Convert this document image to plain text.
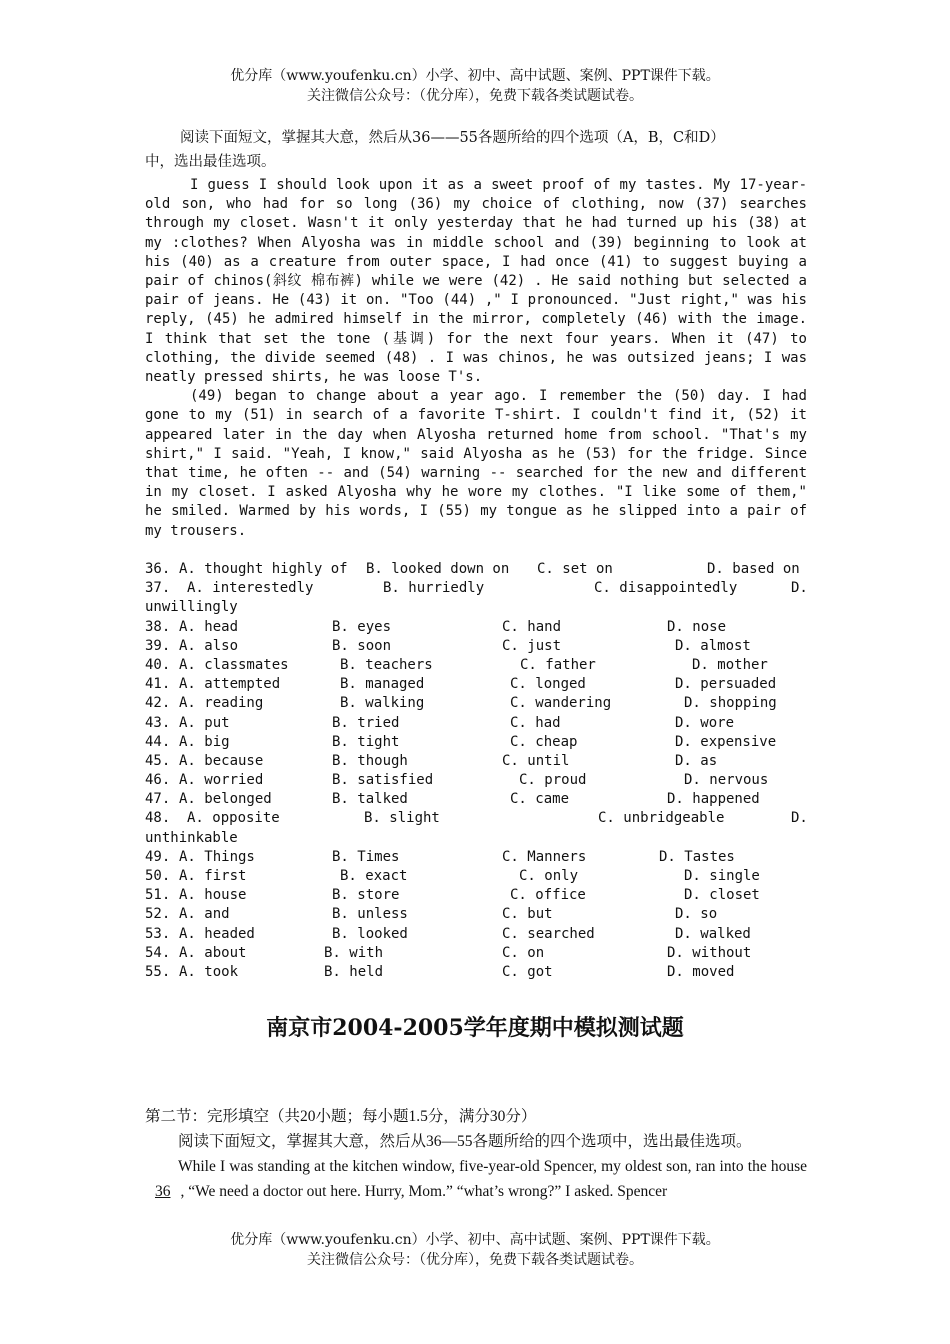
优分库（www.youfenku.cn）小学、初中、高中试题、案例、PPT课件下载。
关注微信公众号：（优分库），免费下载各类试题试卷。
阅读下面短文，掌握其大意，然后从36——55各题所给的四个选项（A，B，C和D）
中，选出最佳选项。

I guess I should look upon it as a sweet proof of my tastes. My 17-year-old son, who had for so long (36) my choice of clothing, now (37) searches through my closet. Wasn't it only yesterday that he had turned up his (38) at my :clothes? When Alyosha was in middle school and (39) beginning to look at his (40) as a creature from outer space, I had once (41) to suggest buying a pair of chinos(斜纹 棉布裤) while we were (42) . He said nothing but selected a pair of jeans. He (43) it on. "Too (44) ," I pronounced. "Just right," was his reply, (45) he admired himself in the mirror, completely (46) with the image. I think that set the tone (基调) for the next four years. When it (47) to clothing, the divide seemed (48) . I was chinos, he was outsized jeans; I was neatly pressed shirts, he was loose T's.

(49) began to change about a year ago. I remember the (50) day. I had gone to my (51) in search of a favorite T-shirt. I couldn't find it, (52) it appeared later in the day when Alyosha returned home from school. "That's my shirt," I said. "Yeah, I know," said Alyosha as he (53) for the fridge. Since that time, he often -- and (54) warning -- searched for the new and different in my closet. I asked Alyosha why he wore my clothes. "I like some of them," he smiled. Warmed by his words, I (55) my tongue as he slipped into a pair of my trousers.

36. A. thought highly of B. looked down on C. set on	D. based on
37. A. interestedly	B. hurriedly	C. disappointedly	D.
unwillingly
38. A. head	B. eyes	C. hand	D. nose
39. A. also	B. soon	C. just	D. almost
40. A. classmates	B. teachers	C. father	D. mother
41. A. attempted	B. managed	C. longed	D. persuaded
42. A. reading	B. walking	C. wandering	D. shopping
43. A. put	B. tried	C. had	D. wore
44. A. big	B. tight	C. cheap	D. expensive
45. A. because	B. though	C. until	D. as
46. A. worried	B. satisfied	C. proud	D. nervous
47. A. belonged	B. talked	C. came	D. happened
48. A. opposite	B. slight	C. unbridgeable	D.
unthinkable
49. A. Things	B. Times	C. Manners	D. Tastes
50. A. first	B. exact	C. only	D. single
51. A. house	B. store	C. office	D. closet
52. A. and	B. unless	C. but	D. so
53. A. headed	B. looked	C. searched	D. walked
54. A. about	B. with	C. on	D. without
55. A. took	B. held	C. got	D. moved
南京市2004-2005学年度期中模拟测试题
第二节：完形填空（共20小题；每小题1.5分，满分30分）
阅读下面短文，掌握其大意，然后从36—55各题所给的四个选项中，选出最佳选项。
While I was standing at the kitchen window, five-year-old Spencer, my oldest son, ran into the house 36 , “We need a doctor out here. Hurry, Mom.” “what’s wrong?” I asked. Spencer
优分库（www.youfenku.cn）小学、初中、高中试题、案例、PPT课件下载。
关注微信公众号：（优分库），免费下载各类试题试卷。
